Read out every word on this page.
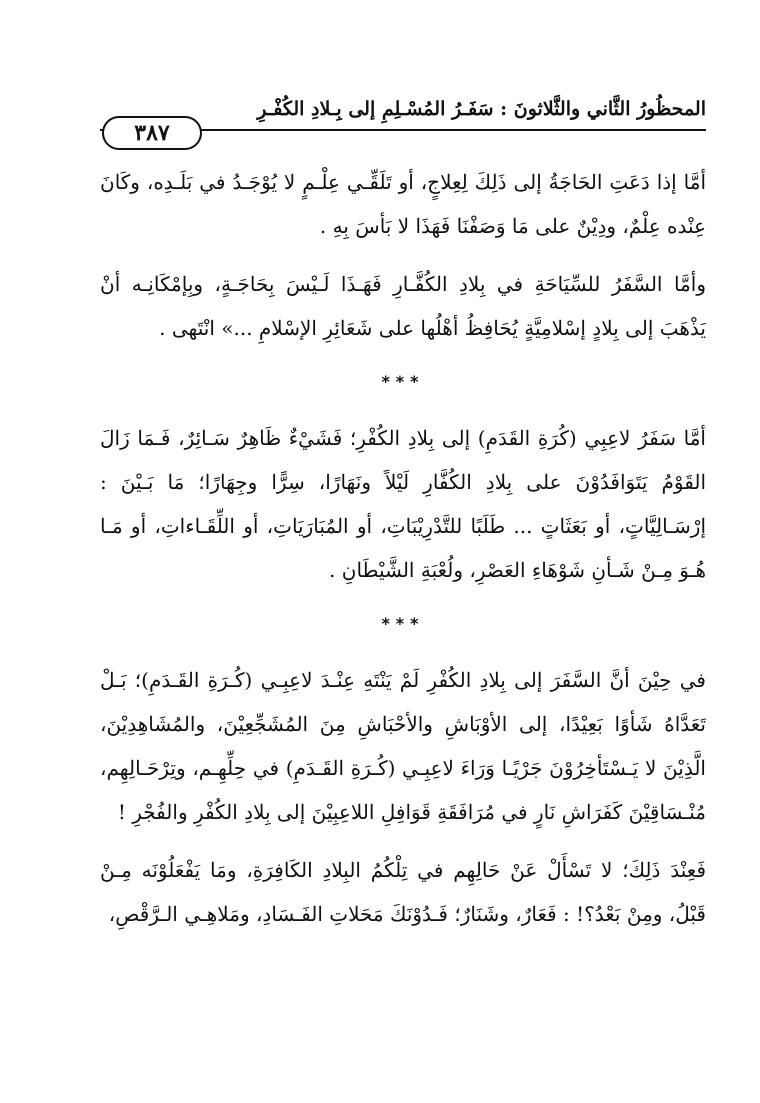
المحظُورُ الثَّاني والثَّلاثونَ : سَفَـرُ المُسْـلِمِ إلى بِـلادِ الكُفْـرِ
٣٨٧

أمَّا إذا دَعَتِ الحَاجَةُ إلى ذَلِكَ لِعِلاجٍ، أو تَلَقِّـي عِلْـمٍ لا يُوْجَـدُ في بَلَـدِه، وكَانَ عِنْده عِلْمٌ، ودِيْنٌ على مَا وَصَفْنَا فَهَذَا لا بَأسَ بِهِ .

وأمَّا السَّفَرُ للسِّيَاحَةِ في بِلادِ الكُفَّـارِ فَهَـذَا لَـيْسَ بِحَاجَـةٍ، وبِإمْكَانِـه أنْ يَذْهَبَ إلى بِلادٍ إسْلامِيَّةٍ يُحَافِظُ أهْلُها على شَعَائِرِ الإسْلامِ ...» انْتَهى .

***

أمَّا سَفَرُ لاعِبِي (كُرَةِ القَدَمِ) إلى بِلادِ الكُفْرِ؛ فَشَيْءٌ ظَاهِرٌ سَـائِرٌ، فَـمَا زَالَ القَوْمُ يَتَوَافَدُوْنَ على بِلادِ الكُفَّارِ لَيْلاً ونَهَارًا، سِرًّا وجِهَارًا؛ مَا بَـيْنَ : إرْسَـالِيَّاتٍ، أو بَعَثَاتٍ ... طَلَبًا للتَّدْرِيْبَاتِ، أو المُبَارَيَاتِ، أو اللِّقَـاءاتِ، أو مَـا هُـوَ مِـنْ شَـأنِ شَوْهَاءِ العَصْرِ، ولُعْبَةِ الشَّيْطَانِ .

***

في حِيْنَ أنَّ السَّفَرَ إلى بِلادِ الكُفْرِ لَمْ يَنْتَهِ عِنْـدَ لاعِبِـي (كُـرَةِ القَـدَمِ)؛ بَـلْ تَعَدَّاهُ شَأوًا بَعِيْدًا، إلى الأوْبَاشِ والأحْبَاشِ مِنَ المُشَجِّعِيْنَ، والمُشَاهِدِيْنَ، الَّذِيْنَ لا يَـسْتَأخِرُوْنَ جَرْيًـا وَرَاءَ لاعِبِـي (كُـرَةِ القَـدَمِ) في حِلِّهِـم، وتِرْحَـالِهِم، مُنْـسَاقِيْنَ كَفَرَاشِ نَارٍ في مُرَافَقَةِ قَوَافِلِ اللاعِبِيْنَ إلى بِلادِ الكُفْرِ والفُجْرِ !

فَعِنْدَ ذَلِكَ؛ لا تَسْأَلْ عَنْ حَالِهِم في تِلْكُمُ البِلادِ الكَافِرَةِ، ومَا يَفْعَلُوْنَه مِـنْ قَبْلُ، ومِنْ بَعْدُ؟! : فَعَارٌ، وشَنَارٌ؛ فَـدُوْنَكَ مَحَلاتِ الفَـسَادِ، ومَلاهِـي الـرَّقْصِ،
